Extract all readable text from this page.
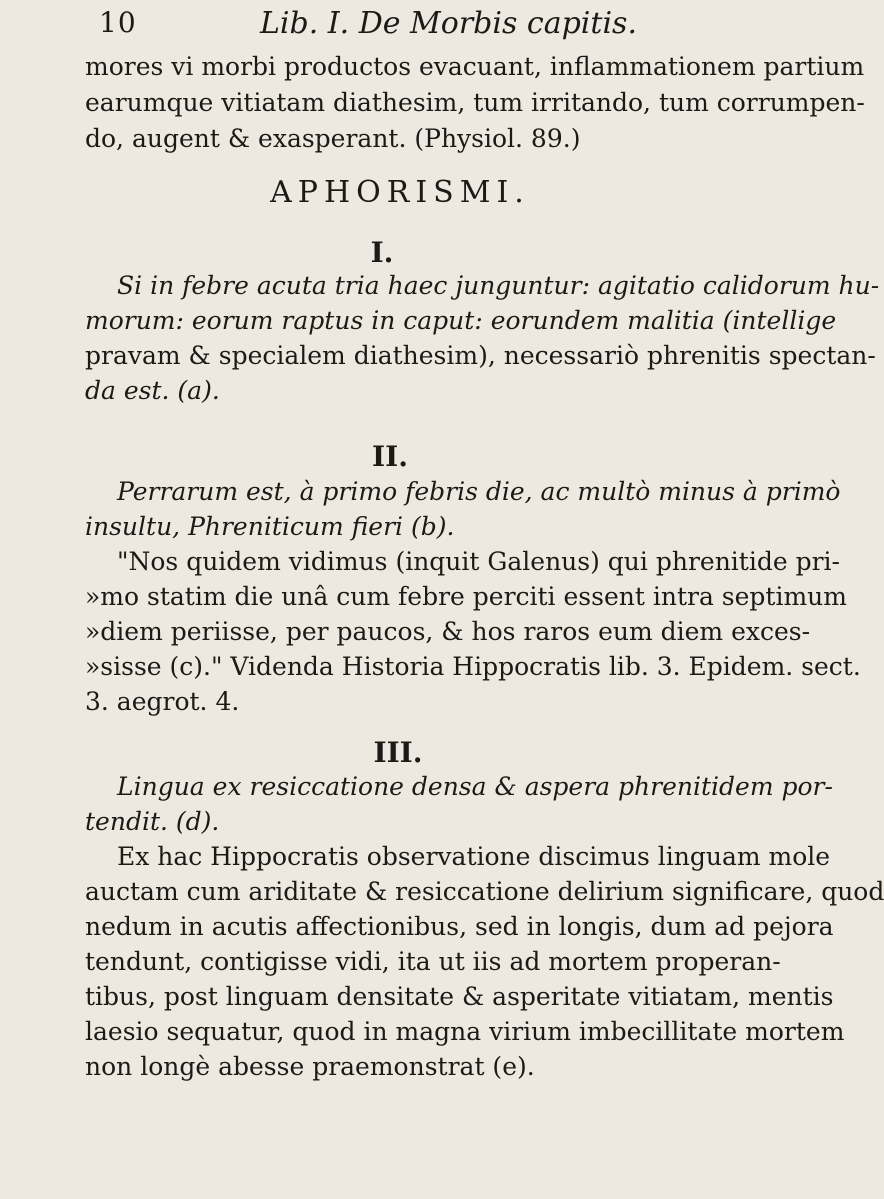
10	Lib. I. De Morbis capitis.
mores vi morbi productos evacuant, inflammationem partium
earumque vitiatam diathesim, tum irritando, tum corrumpen-
do, augent & exasperant. (Physiol. 89.)
APHORISMI.
I.
Si in febre acuta tria haec junguntur: agitatio calidorum hu-
morum: eorum raptus in caput: eorundem malitia (intellige
pravam & specialem diathesim), necessariò phrenitis spectan-
da est. (a).
II.
Perrarum est, à primo febris die, ac multò minus à primò
insultu, Phreniticum fieri (b).
"Nos quidem vidimus (inquit Galenus) qui phrenitide pri-
»mo statim die unâ cum febre perciti essent intra septimum
»diem periisse, per paucos, & hos raros eum diem exces-
»sisse (c)." Videnda Historia Hippocratis lib. 3. Epidem. sect.
3. aegrot. 4.
III.
Lingua ex resiccatione densa & aspera phrenitidem por-
tendit. (d).
Ex hac Hippocratis observatione discimus linguam mole
auctam cum ariditate & resiccatione delirium significare, quod
nedum in acutis affectionibus, sed in longis, dum ad pejora
tendunt, contigisse vidi, ita ut iis ad mortem properan-
tibus, post linguam densitate & asperitate vitiatam, mentis
laesio sequatur, quod in magna virium imbecillitate mortem
non longè abesse praemonstrat (e).
